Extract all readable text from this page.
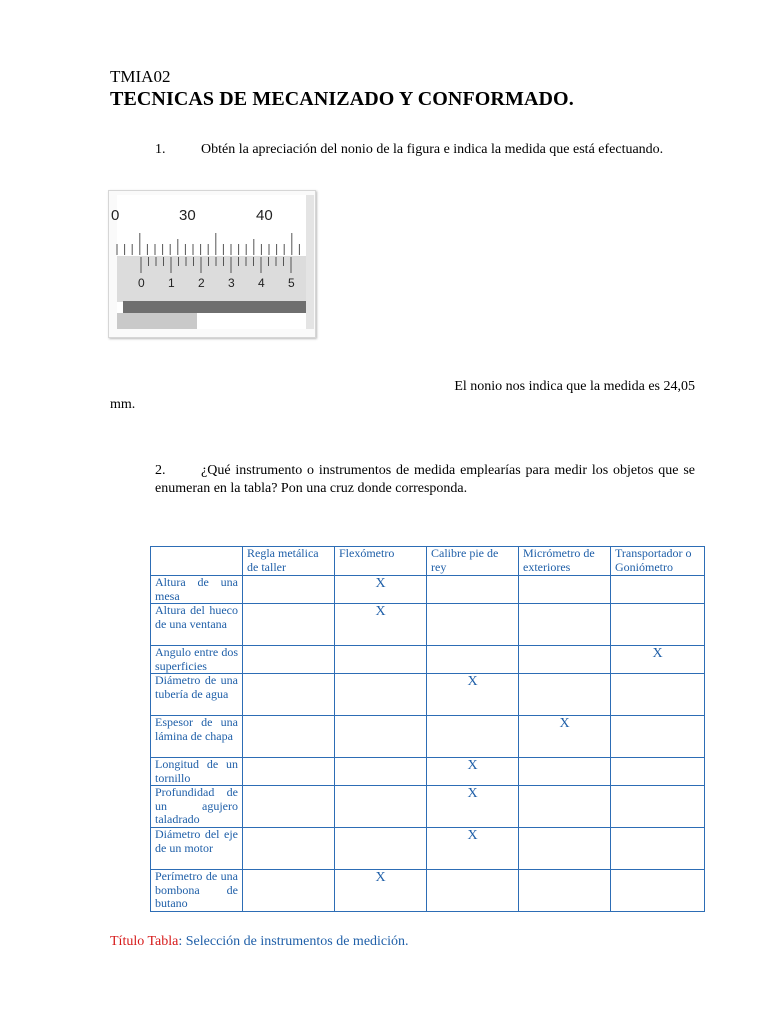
TMIA02
TECNICAS DE MECANIZADO Y CONFORMADO.
1.	Obtén la apreciación del nonio de la figura e indica la medida que está efectuando.
0	30	40
0 1 2 3 4 5
El nonio nos indica que la medida es 24,05
mm.
2.	¿Qué instrumento o instrumentos de medida emplearías para medir los objetos que se enumeran en la tabla? Pon una cruz donde corresponda.
	Regla metálica de taller	Flexómetro	Calibre pie de rey	Micrómetro de exteriores	Transportador o Goniómetro
Altura de una mesa		X			
Altura del hueco de una ventana		X			
Angulo entre dos superficies					X
Diámetro de una tubería de agua			X		
Espesor de una lámina de chapa				X	
Longitud de un tornillo			X		
Profundidad de un agujero taladrado			X		
Diámetro del eje de un motor			X		
Perímetro de una bombona de butano		X			
Título Tabla: Selección de instrumentos de medición.
